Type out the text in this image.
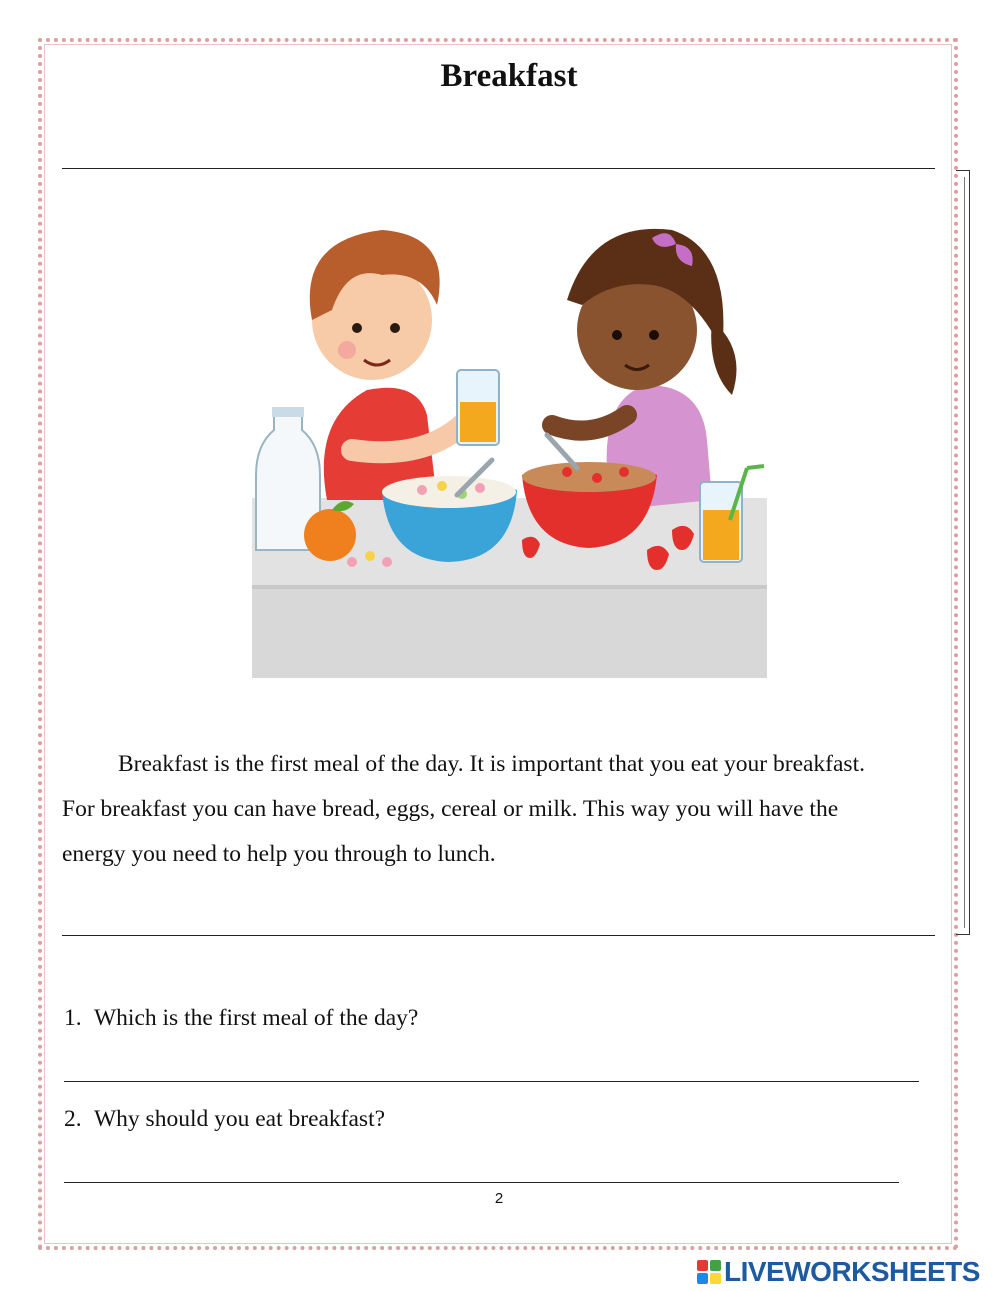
Breakfast
Breakfast is the first meal of the day. It is important that you eat your breakfast.
For breakfast you can have bread, eggs, cereal or milk. This way you will have the
energy you need to help you through to lunch.
1. Which is the first meal of the day?
2. Why should you eat breakfast?
2
LIVEWORKSHEETS
